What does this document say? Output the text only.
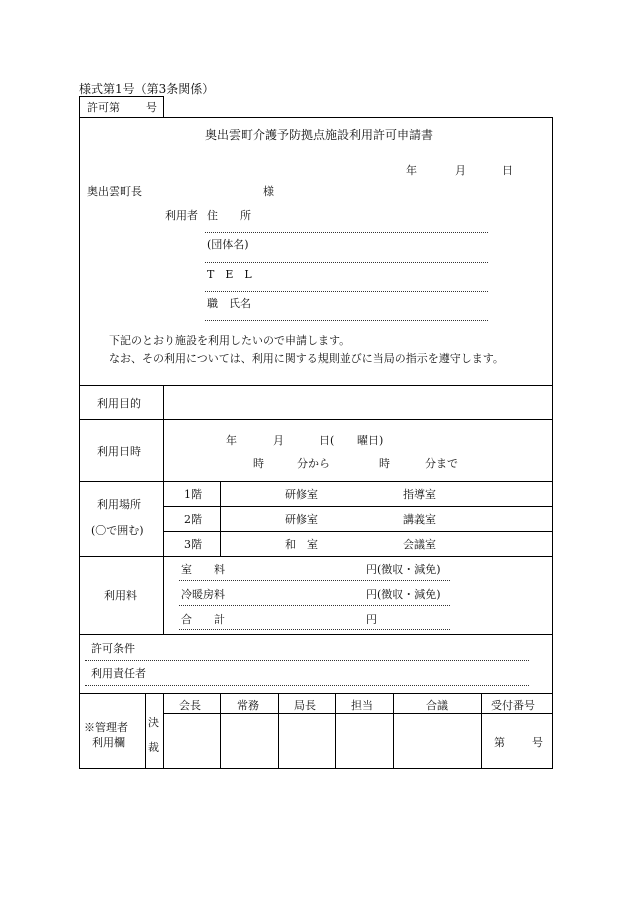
様式第1号（第3条関係）
許可第 号
奥出雲町介護予防拠点施設利用許可申請書
年	月	日
奥出雲町長	様
利用者 住　　所
(団体名)
T　E　L
職　氏名
下記のとおり施設を利用したいので申請します。
なお、その利用については、利用に関する規則並びに当局の指示を遵守します。
利用目的
利用日時
年	月	日( 曜日)
時	分から	時	分まで
利用場所
(〇で囲む)
1階	研修室	指導室
2階	研修室	講義室
3階	和　室	会議室
利用料
室　　料	円(徴収・減免)
冷暖房料	円(徴収・減免)
合　　計	円
許可条件
利用責任者
※管理者
利用欄
決
裁
会長	常務	局長	担当	合議	受付番号
第 号
